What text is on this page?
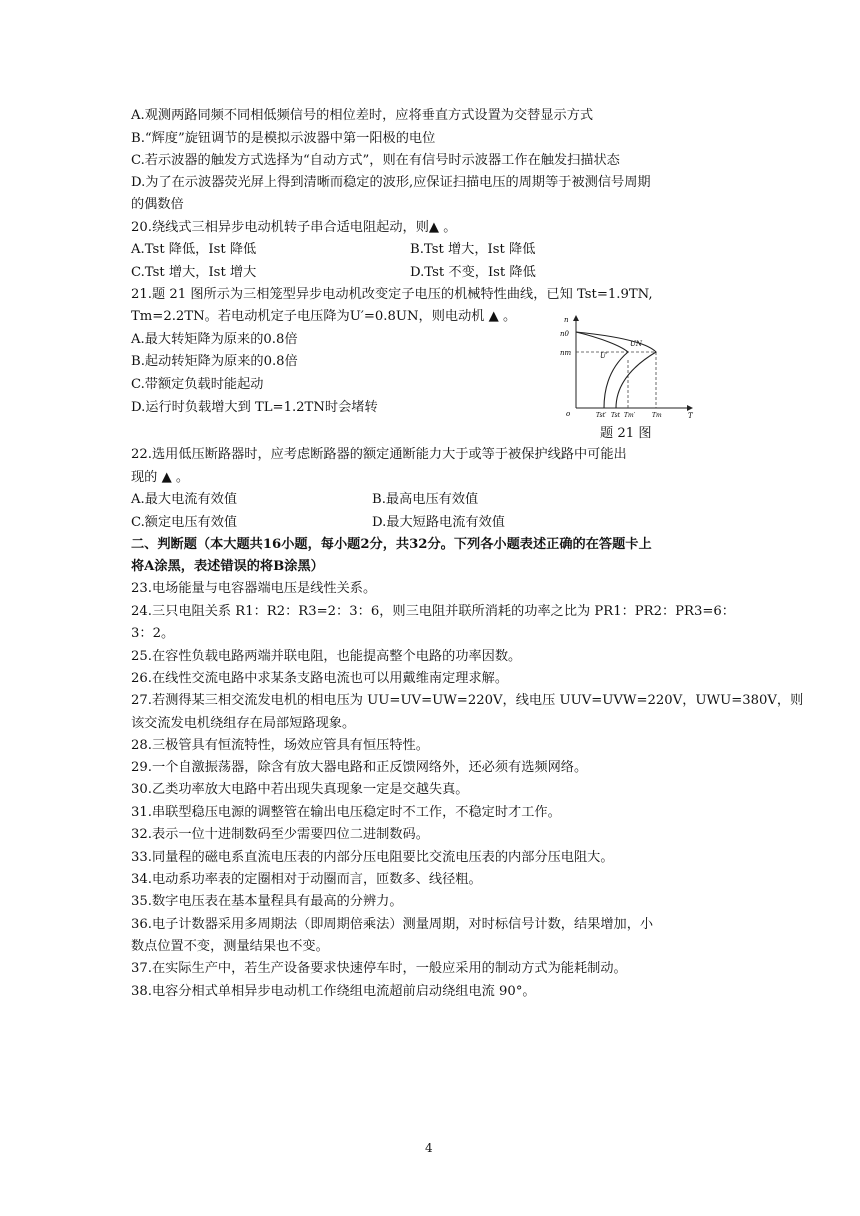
A.观测两路同频不同相低频信号的相位差时，应将垂直方式设置为交替显示方式
B.“辉度”旋钮调节的是模拟示波器中第一阳极的电位
C.若示波器的触发方式选择为“自动方式”，则在有信号时示波器工作在触发扫描状态
D.为了在示波器荧光屏上得到清晰而稳定的波形,应保证扫描电压的周期等于被测信号周期
的偶数倍
20.绕线式三相异步电动机转子串合适电阻起动，则▲ 。
A.Tst 降低，Ist 降低	B.Tst 增大，Ist 降低
C.Tst 增大，Ist 增大	D.Tst 不变，Ist 降低
21.题 21 图所示为三相笼型异步电动机改变定子电压的机械特性曲线，已知 Tst=1.9TN,
Tm=2.2TN。若电动机定子电压降为U′=0.8UN，则电动机 ▲ 。
A.最大转矩降为原来的0.8倍
B.起动转矩降为原来的0.8倍
C.带额定负载时能起动
D.运行时负载增大到 TL=1.2TN时会堵转
n
n0
nm
o	T
UN
U′
Tst′ Tst Tm′	Tm
题 21 图
22.选用低压断路器时，应考虑断路器的额定通断能力大于或等于被保护线路中可能出
现的 ▲ 。
A.最大电流有效值	B.最高电压有效值
C.额定电压有效值	D.最大短路电流有效值
二、判断题（本大题共16小题，每小题2分，共32分。下列各小题表述正确的在答题卡上
将A涂黑，表述错误的将B涂黑）
23.电场能量与电容器端电压是线性关系。
24.三只电阻关系 R1：R2：R3=2：3：6，则三电阻并联所消耗的功率之比为 PR1：PR2：PR3=6：
3：2。
25.在容性负载电路两端并联电阻，也能提高整个电路的功率因数。
26.在线性交流电路中求某条支路电流也可以用戴维南定理求解。
27.若测得某三相交流发电机的相电压为 UU=UV=UW=220V，线电压 UUV=UVW=220V，UWU=380V，则
该交流发电机绕组存在局部短路现象。
28.三极管具有恒流特性，场效应管具有恒压特性。
29.一个自激振荡器，除含有放大器电路和正反馈网络外，还必须有选频网络。
30.乙类功率放大电路中若出现失真现象一定是交越失真。
31.串联型稳压电源的调整管在输出电压稳定时不工作，不稳定时才工作。
32.表示一位十进制数码至少需要四位二进制数码。
33.同量程的磁电系直流电压表的内部分压电阻要比交流电压表的内部分压电阻大。
34.电动系功率表的定圈相对于动圈而言，匝数多、线径粗。
35.数字电压表在基本量程具有最高的分辨力。
36.电子计数器采用多周期法（即周期倍乘法）测量周期，对时标信号计数，结果增加，小
数点位置不变，测量结果也不变。
37.在实际生产中，若生产设备要求快速停车时，一般应采用的制动方式为能耗制动。
38.电容分相式单相异步电动机工作绕组电流超前启动绕组电流 90°。
4
